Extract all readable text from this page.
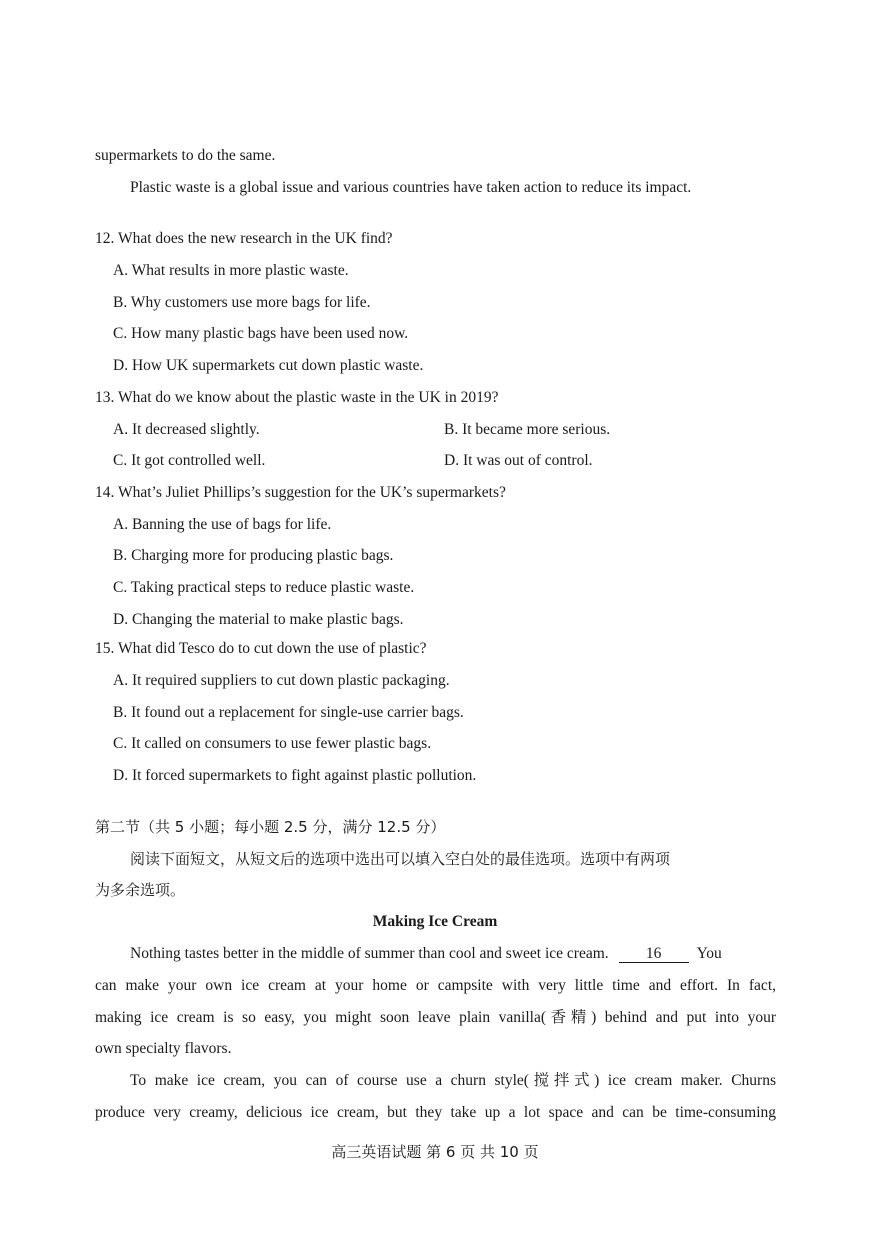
supermarkets to do the same.
Plastic waste is a global issue and various countries have taken action to reduce its impact.
12. What does the new research in the UK find?
A. What results in more plastic waste.
B. Why customers use more bags for life.
C. How many plastic bags have been used now.
D. How UK supermarkets cut down plastic waste.
13. What do we know about the plastic waste in the UK in 2019?
A. It decreased slightly.	B. It became more serious.
C. It got controlled well.	D. It was out of control.
14. What’s Juliet Phillips’s suggestion for the UK’s supermarkets?
A. Banning the use of bags for life.
B. Charging more for producing plastic bags.
C. Taking practical steps to reduce plastic waste.
D. Changing the material to make plastic bags.
15. What did Tesco do to cut down the use of plastic?
A. It required suppliers to cut down plastic packaging.
B. It found out a replacement for single-use carrier bags.
C. It called on consumers to use fewer plastic bags.
D. It forced supermarkets to fight against plastic pollution.
第二节（共 5 小题；每小题 2.5 分，满分 12.5 分）
阅读下面短文，从短文后的选项中选出可以填入空白处的最佳选项。选项中有两项
为多余选项。
Making Ice Cream
Nothing tastes better in the middle of summer than cool and sweet ice cream. 16 You
can make your own ice cream at your home or campsite with very little time and effort. In fact,
making ice cream is so easy, you might soon leave plain vanilla(香精) behind and put into your
own specialty flavors.
To make ice cream, you can of course use a churn style(搅拌式) ice cream maker. Churns
produce very creamy, delicious ice cream, but they take up a lot space and can be time-consuming
高三英语试题 第 6 页 共 10 页
